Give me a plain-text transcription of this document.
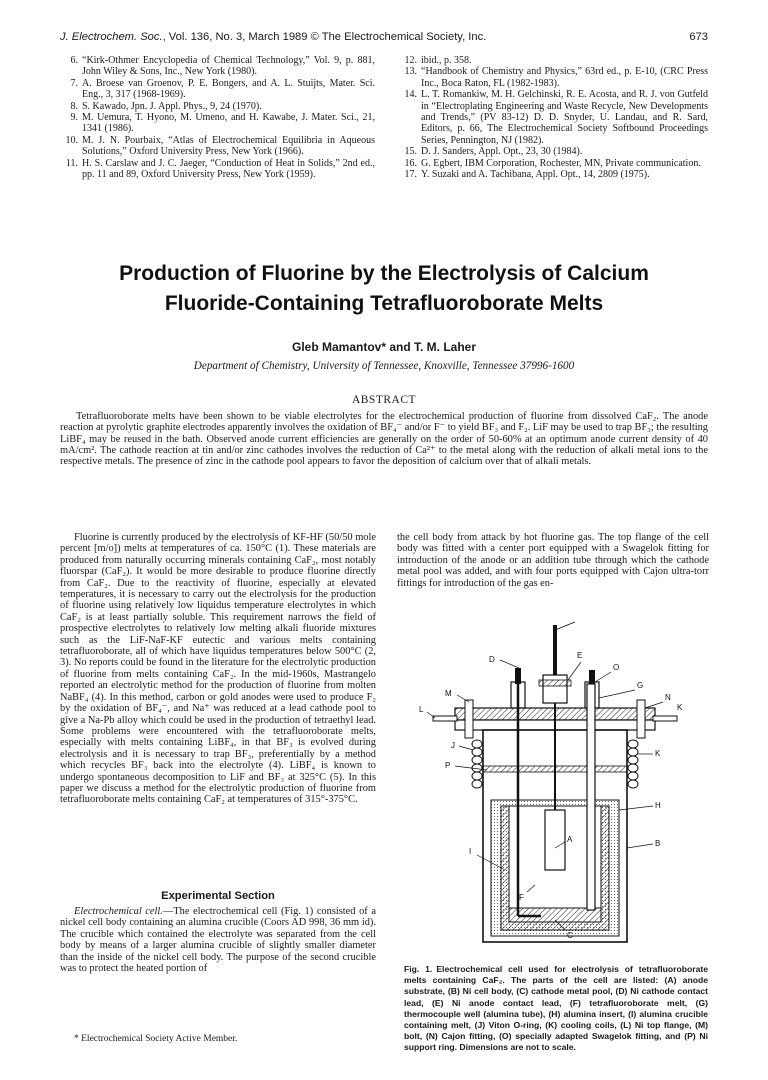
J. Electrochem. Soc., Vol. 136, No. 3, March 1989 © The Electrochemical Society, Inc.	673
6. “Kirk-Othmer Encyclopedia of Chemical Technology,” Vol. 9, p. 881, John Wiley & Sons, Inc., New York (1980).
7. A. Broese van Groenov, P. E. Bongers, and A. L. Stuijts, Mater. Sci. Eng., 3, 317 (1968-1969).
8. S. Kawado, Jpn. J. Appl. Phys., 9, 24 (1970).
9. M. Uemura, T. Hyono, M. Umeno, and H. Kawabe, J. Mater. Sci., 21, 1341 (1986).
10. M. J. N. Pourbaix, “Atlas of Electrochemical Equilibria in Aqueous Solutions,” Oxford University Press, New York (1966).
11. H. S. Carslaw and J. C. Jaeger, “Conduction of Heat in Solids,” 2nd ed., pp. 11 and 89, Oxford University Press, New York (1959).
12. ibid., p. 358.
13. “Handbook of Chemistry and Physics,” 63rd ed., p. E-10, (CRC Press Inc., Boca Raton, FL (1982-1983).
14. L. T. Romankiw, M. H. Gelchinski, R. E. Acosta, and R. J. von Gutfeld in “Electroplating Engineering and Waste Recycle, New Developments and Trends,” (PV 83-12) D. D. Snyder, U. Landau, and R. Sard, Editors, p. 66, The Electrochemical Society Softbound Proceedings Series, Pennington, NJ (1982).
15. D. J. Sanders, Appl. Opt., 23, 30 (1984).
16. G. Egbert, IBM Corporation, Rochester, MN, Private communication.
17. Y. Suzaki and A. Tachibana, Appl. Opt., 14, 2809 (1975).
Production of Fluorine by the Electrolysis of Calcium
Fluoride-Containing Tetrafluoroborate Melts
Gleb Mamantov* and T. M. Laher
Department of Chemistry, University of Tennessee, Knoxville, Tennessee 37996-1600
ABSTRACT
Tetrafluoroborate melts have been shown to be viable electrolytes for the electrochemical production of fluorine from dissolved CaF₂. The anode reaction at pyrolytic graphite electrodes apparently involves the oxidation of BF₄⁻ and/or F⁻ to yield BF₃ and F₂. LiF may be used to trap BF₃; the resulting LiBF₄ may be reused in the bath. Observed anode current efficiencies are generally on the order of 50-60% at an optimum anode current density of 40 mA/cm². The cathode reaction at tin and/or zinc cathodes involves the reduction of Ca²⁺ to the metal along with the reduction of alkali metal ions to the respective metals. The presence of zinc in the cathode pool appears to favor the deposition of calcium over that of alkali metals.

Fluorine is currently produced by the electrolysis of KF-HF (50/50 mole percent [m/o]) melts at temperatures of ca. 150°C (1). These materials are produced from naturally occurring minerals containing CaF₂, most notably fluorspar (CaF₂). It would be more desirable to produce fluorine directly from CaF₂. Due to the reactivity of fluorine, especially at elevated temperatures, it is necessary to carry out the electrolysis for the production of fluorine using relatively low liquidus temperature electrolytes in which CaF₂ is at least partially soluble. This requirement narrows the field of prospective electrolytes to relatively low melting alkali fluoride mixtures such as the LiF-NaF-KF eutectic and various melts containing tetrafluoroborate, all of which have liquidus temperatures below 500°C (2, 3). No reports could be found in the literature for the electrolytic production of fluorine from melts containing CaF₂. In the mid-1960s, Mastrangelo reported an electrolytic method for the production of fluorine from molten NaBF₄ (4). In this method, carbon or gold anodes were used to produce F₂ by the oxidation of BF₄⁻, and Na⁺ was reduced at a lead cathode pool to give a Na-Pb alloy which could be used in the production of tetraethyl lead. Some problems were encountered with the tetrafluoroborate melts, especially with melts containing LiBF₄, in that BF₃ is evolved during electrolysis and it is necessary to trap BF₃, preferentially by a method which recycles BF₃ back into the electrolyte (4). LiBF₄ is known to undergo spontaneous decomposition to LiF and BF₃ at 325°C (5). In this paper we discuss a method for the electrolytic production of fluorine from tetrafluoroborate melts containing CaF₂ at temperatures of 315°-375°C.

Experimental Section

Electrochemical cell.—The electrochemical cell (Fig. 1) consisted of a nickel cell body containing an alumina crucible (Coors AD 998, 36 mm id). The crucible which contained the electrolyte was separated from the cell body by means of a larger alumina crucible of slightly smaller diameter than the inside of the nickel cell body. The purpose of the second crucible was to protect the heated portion of

the cell body from attack by hot fluorine gas. The top flange of the cell body was fitted with a center port equipped with a Swagelok fitting for introduction of the anode or an addition tube through which the cathode metal pool was added, and with four ports equipped with Cajon ultra-torr fittings for introduction of the gas en-

* Electrochemical Society Active Member.
E
D
O
G
M	N
K
L
J
K
P
H
B
I
A
F
C
Fig. 1. Electrochemical cell used for electrolysis of tetrafluoroborate melts containing CaF₂. The parts of the cell are listed: (A) anode substrate, (B) Ni cell body, (C) cathode metal pool, (D) Ni cathode contact lead, (E) Ni anode contact lead, (F) tetrafluoroborate melt, (G) thermocouple well (alumina tube), (H) alumina insert, (I) alumina crucible containing melt, (J) Viton O-ring, (K) cooling coils, (L) Ni top flange, (M) bolt, (N) Cajon fitting, (O) specially adapted Swagelok fitting, and (P) Ni support ring. Dimensions are not to scale.
